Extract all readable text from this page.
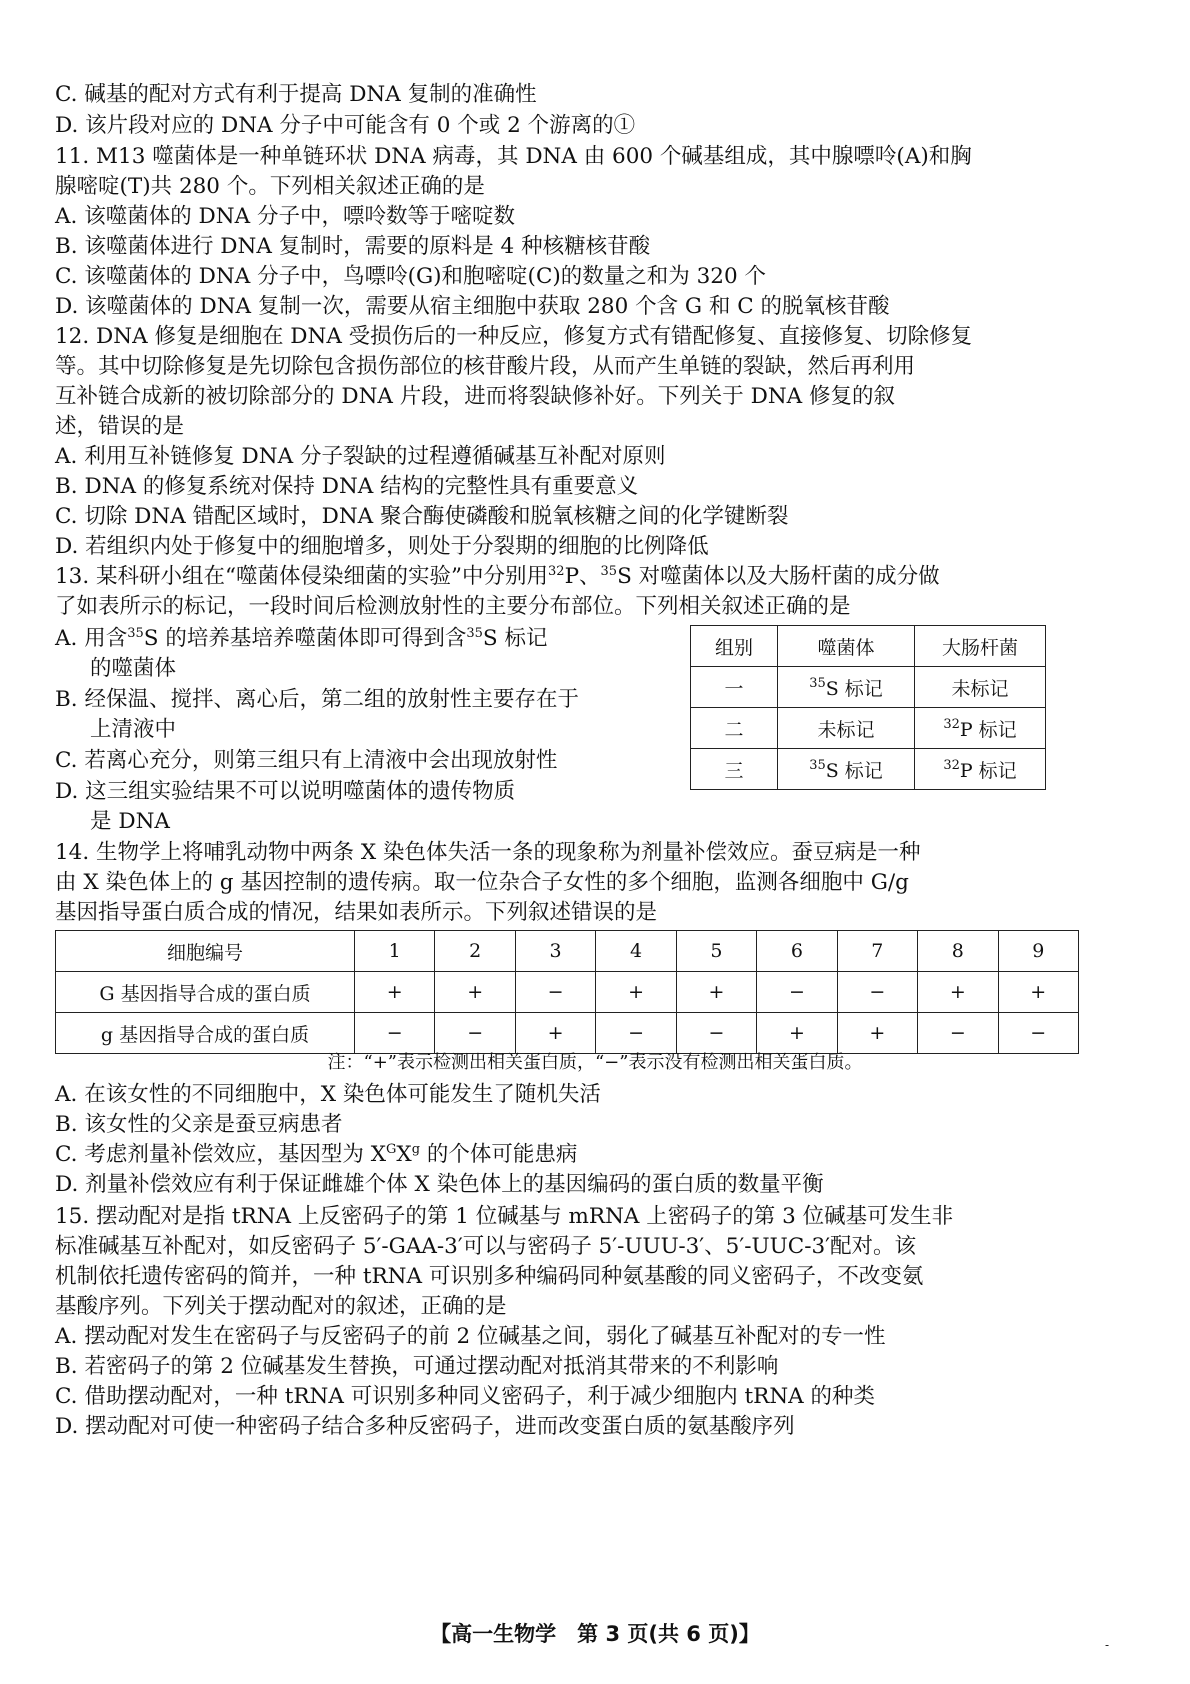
C. 碱基的配对方式有利于提高 DNA 复制的准确性
D. 该片段对应的 DNA 分子中可能含有 0 个或 2 个游离的①
11. M13 噬菌体是一种单链环状 DNA 病毒，其 DNA 由 600 个碱基组成，其中腺嘌呤(A)和胸
腺嘧啶(T)共 280 个。下列相关叙述正确的是
A. 该噬菌体的 DNA 分子中，嘌呤数等于嘧啶数
B. 该噬菌体进行 DNA 复制时，需要的原料是 4 种核糖核苷酸
C. 该噬菌体的 DNA 分子中，鸟嘌呤(G)和胞嘧啶(C)的数量之和为 320 个
D. 该噬菌体的 DNA 复制一次，需要从宿主细胞中获取 280 个含 G 和 C 的脱氧核苷酸
12. DNA 修复是细胞在 DNA 受损伤后的一种反应，修复方式有错配修复、直接修复、切除修复
等。其中切除修复是先切除包含损伤部位的核苷酸片段，从而产生单链的裂缺，然后再利用
互补链合成新的被切除部分的 DNA 片段，进而将裂缺修补好。下列关于 DNA 修复的叙
述，错误的是
A. 利用互补链修复 DNA 分子裂缺的过程遵循碱基互补配对原则
B. DNA 的修复系统对保持 DNA 结构的完整性具有重要意义
C. 切除 DNA 错配区域时，DNA 聚合酶使磷酸和脱氧核糖之间的化学键断裂
D. 若组织内处于修复中的细胞增多，则处于分裂期的细胞的比例降低
13. 某科研小组在“噬菌体侵染细菌的实验”中分别用$^{32}$P、$^{35}$S 对噬菌体以及大肠杆菌的成分做
了如表所示的标记，一段时间后检测放射性的主要分布部位。下列相关叙述正确的是
A. 用含$^{35}$S 的培养基培养噬菌体即可得到含$^{35}$S 标记
的噬菌体
B. 经保温、搅拌、离心后，第二组的放射性主要存在于
上清液中
C. 若离心充分，则第三组只有上清液中会出现放射性
D. 这三组实验结果不可以说明噬菌体的遗传物质
是 DNA
组别	噬菌体	大肠杆菌
一	$^{35}$S 标记	未标记
二	未标记	$^{32}$P 标记
三	$^{35}$S 标记	$^{32}$P 标记
14. 生物学上将哺乳动物中两条 X 染色体失活一条的现象称为剂量补偿效应。蚕豆病是一种
由 X 染色体上的 g 基因控制的遗传病。取一位杂合子女性的多个细胞，监测各细胞中 G/g
基因指导蛋白质合成的情况，结果如表所示。下列叙述错误的是
细胞编号	1	2	3	4	5	6	7	8	9
G 基因指导合成的蛋白质	+	+	−	+	+	−	−	+	+
g 基因指导合成的蛋白质	−	−	+	−	−	+	+	−	−
注：“+”表示检测出相关蛋白质，“−”表示没有检测出相关蛋白质。
A. 在该女性的不同细胞中，X 染色体可能发生了随机失活
B. 该女性的父亲是蚕豆病患者
C. 考虑剂量补偿效应，基因型为 $X^GX^g$ 的个体可能患病
D. 剂量补偿效应有利于保证雌雄个体 X 染色体上的基因编码的蛋白质的数量平衡
15. 摆动配对是指 tRNA 上反密码子的第 1 位碱基与 mRNA 上密码子的第 3 位碱基可发生非
标准碱基互补配对，如反密码子 5′-GAA-3′可以与密码子 5′-UUU-3′、5′-UUC-3′配对。该
机制依托遗传密码的简并，一种 tRNA 可识别多种编码同种氨基酸的同义密码子，不改变氨
基酸序列。下列关于摆动配对的叙述，正确的是
A. 摆动配对发生在密码子与反密码子的前 2 位碱基之间，弱化了碱基互补配对的专一性
B. 若密码子的第 2 位碱基发生替换，可通过摆动配对抵消其带来的不利影响
C. 借助摆动配对，一种 tRNA 可识别多种同义密码子，利于减少细胞内 tRNA 的种类
D. 摆动配对可使一种密码子结合多种反密码子，进而改变蛋白质的氨基酸序列
【高一生物学　第 3 页(共 6 页)】	-
